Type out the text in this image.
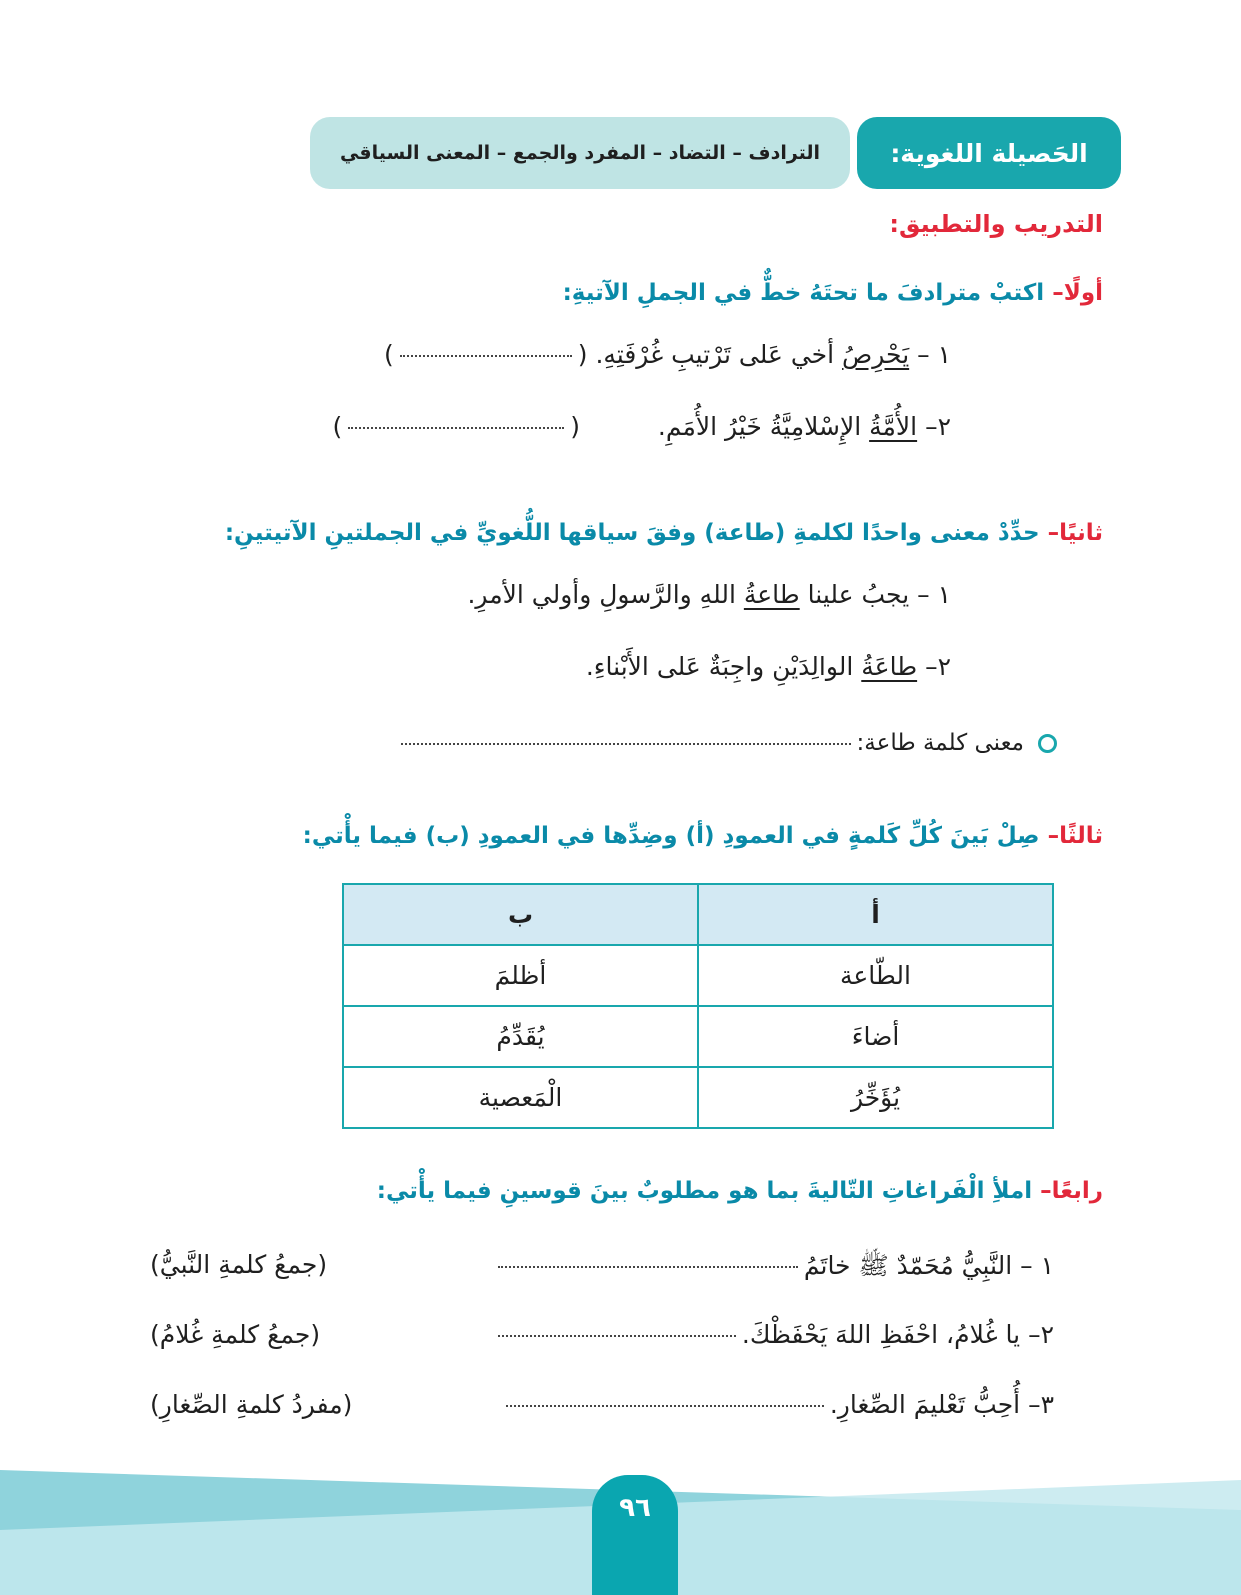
الحَصيلة اللغوية:
الترادف – التضاد – المفرد والجمع – المعنى السياقي
التدريب والتطبيق:
أولًا– اكتبْ مترادفَ ما تحتَهُ خطٌّ في الجملِ الآتيةِ:
١ – يَحْرِصُ أخي عَلى تَرْتيبِ غُرْفَتِهِ. ()
٢– الأُمَّةُ الإِسْلامِيَّةُ خَيْرُ الأُمَمِ.  ()
ثانيًا– حدِّدْ معنى واحدًا لكلمةِ (طاعة) وفقَ سياقها اللُّغويِّ في الجملتينِ الآتيتينِ:
١ – يجبُ علينا طاعةُ اللهِ والرَّسولِ وأولي الأمرِ.
٢– طاعَةُ الوالِدَيْنِ واجِبَةٌ عَلى الأَبْناءِ.
معنى كلمة طاعة:
ثالثًا– صِلْ بَينَ كُلِّ كَلمةٍ في العمودِ (أ) وضِدِّها في العمودِ (ب) فيما يأْتي:
أ	ب
الطّاعة	أظلمَ
أضاءَ	يُقَدِّمُ
يُؤَخِّرُ	الْمَعصية
رابعًا– املأِ الْفَراغاتِ التّاليةَ بما هو مطلوبٌ بينَ قوسينِ فيما يأْتي:
١ – النَّبِيُّ مُحَمّدٌ ﷺ خاتَمُ
(جمعُ كلمةِ النَّبيُّ)
٢– يا غُلامُ، احْفَظِ اللهَ يَحْفَظْكَ.
(جمعُ كلمةِ غُلامُ)
٣– أُحِبُّ تَعْليمَ الصِّغارِ.
(مفردُ كلمةِ الصِّغارِ)
٩٦
